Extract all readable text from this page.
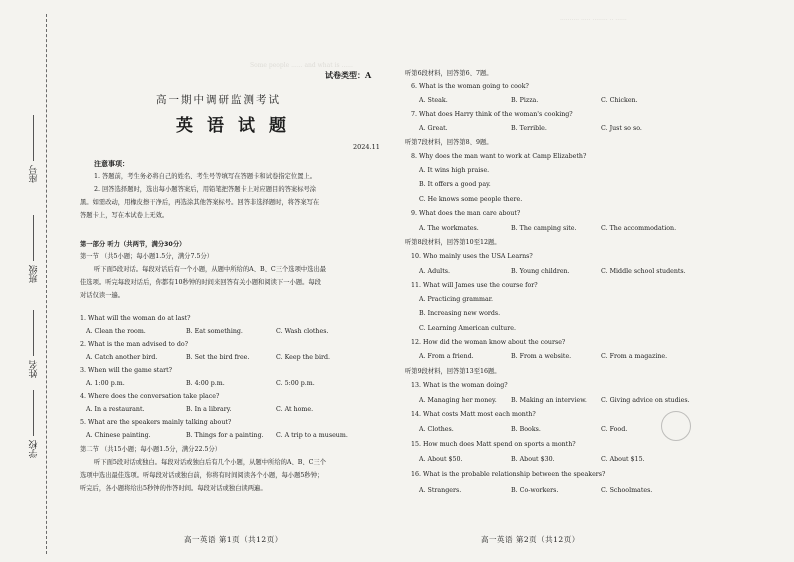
学校
姓名
班级
座号
Some people ...... and what is ......
.......... ..... ........ .. ......
试卷类型：A
高一期中调研监测考试
英语试题
2024.11
注意事项：
1. 答题前，考生务必将自己的姓名、考生号等填写在答题卡和试卷指定位置上。
2. 回答选择题时，选出每小题答案后，用铅笔把答题卡上对应题目的答案标号涂
黑。如需改动，用橡皮擦干净后，再选涂其他答案标号。回答非选择题时，将答案写在
答题卡上，写在本试卷上无效。
第一部分 听力（共两节，满分30分）
第一节 （共5小题；每小题1.5分，满分7.5分）
听下面5段对话。每段对话后有一个小题，从题中所给的A、B、C三个选项中选出最
佳选项。听完每段对话后，你都有10秒钟的时间来回答有关小题和阅读下一小题。每段
对话仅读一遍。
1. What will the woman do at last?
A. Clean the room.	B. Eat something.	C. Wash clothes.
2. What is the man advised to do?
A. Catch another bird.	B. Set the bird free.	C. Keep the bird.
3. When will the game start?
A. 1:00 p.m.	B. 4:00 p.m.	C. 5:00 p.m.
4. Where does the conversation take place?
A. In a restaurant.	B. In a library.	C. At home.
5. What are the speakers mainly talking about?
A. Chinese painting.	B. Things for a painting. C. A trip to a museum.
第二节 （共15小题；每小题1.5分，满分22.5分）
听下面5段对话或独白。每段对话或独白后有几个小题，从题中所给的A、B、C三个
选项中选出最佳选项。听每段对话或独白前，你将有时间阅读各个小题，每小题5秒钟；
听完后，各小题将给出5秒钟的作答时间。每段对话或独白读两遍。
高一英语 第1页（共12页）
听第6段材料，回答第6、7题。
6. What is the woman going to cook?
A. Steak.	B. Pizza.	C. Chicken.
7. What does Harry think of the woman's cooking?
A. Great.	B. Terrible.	C. Just so so.
听第7段材料，回答第8、9题。
8. Why does the man want to work at Camp Elizabeth?
A. It wins high praise.
B. It offers a good pay.
C. He knows some people there.
9. What does the man care about?
A. The workmates.	B. The camping site.	C. The accommodation.
听第8段材料，回答第10至12题。
10. Who mainly uses the USA Learns?
A. Adults.	B. Young children.	C. Middle school students.
11. What will James use the course for?
A. Practicing grammar.
B. Increasing new words.
C. Learning American culture.
12. How did the woman know about the course?
A. From a friend.	B. From a website.	C. From a magazine.
听第9段材料，回答第13至16题。
13. What is the woman doing?
A. Managing her money. B. Making an interview. C. Giving advice on studies.
14. What costs Matt most each month?
A. Clothes.	B. Books.	C. Food.
15. How much does Matt spend on sports a month?
A. About $50.	B. About $30.	C. About $15.
16. What is the probable relationship between the speakers?
A. Strangers.	B. Co-workers.	C. Schoolmates.
高一英语 第2页（共12页）
